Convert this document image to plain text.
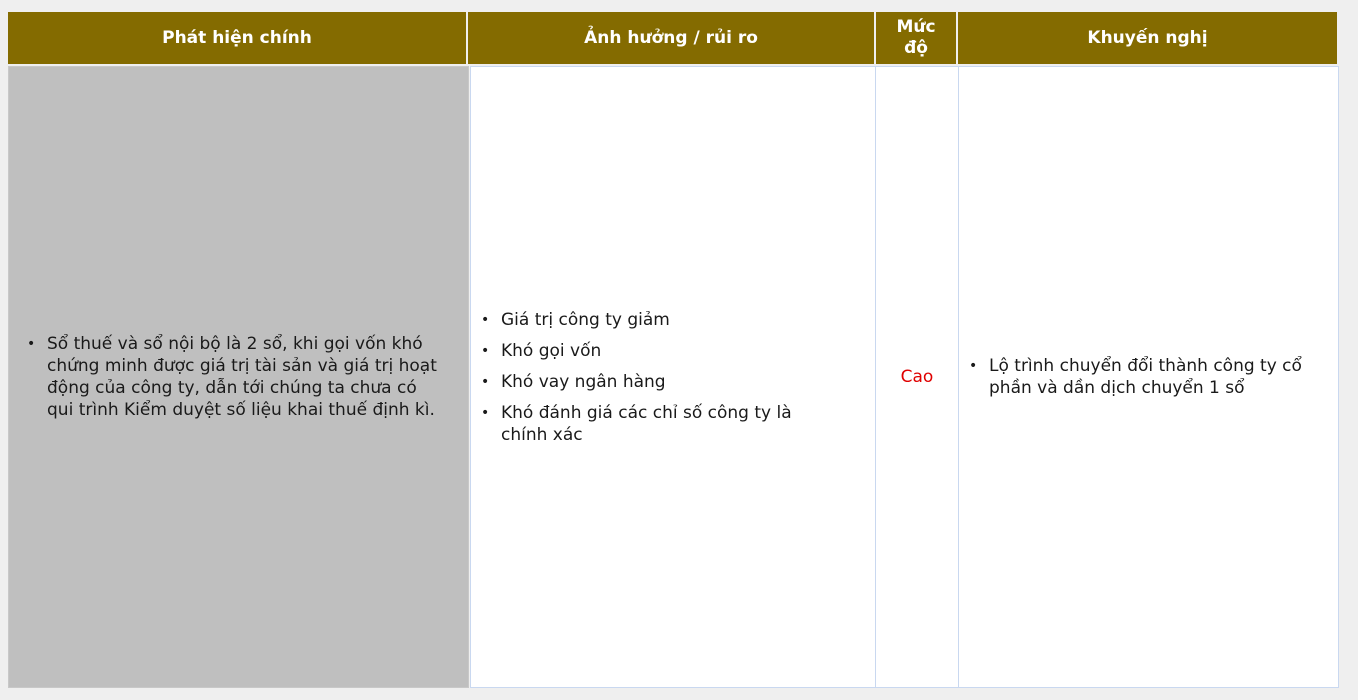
Phát hiện chính	Ảnh hưởng / rủi ro
Mức độ
Khuyến nghị
• Sổ thuế và sổ nội bộ là 2 sổ, khi gọi vốn khó chứng minh được giá trị tài sản và giá trị hoạt động của công ty, dẫn tới chúng ta chưa có qui trình Kiểm duyệt số liệu khai thuế định kì.
• Giá trị công ty giảm
• Khó gọi vốn
• Khó vay ngân hàng
• Khó đánh giá các chỉ số công ty là chính xác
Cao
• Lộ trình chuyển đổi thành công ty cổ phần và dần dịch chuyển 1 sổ
